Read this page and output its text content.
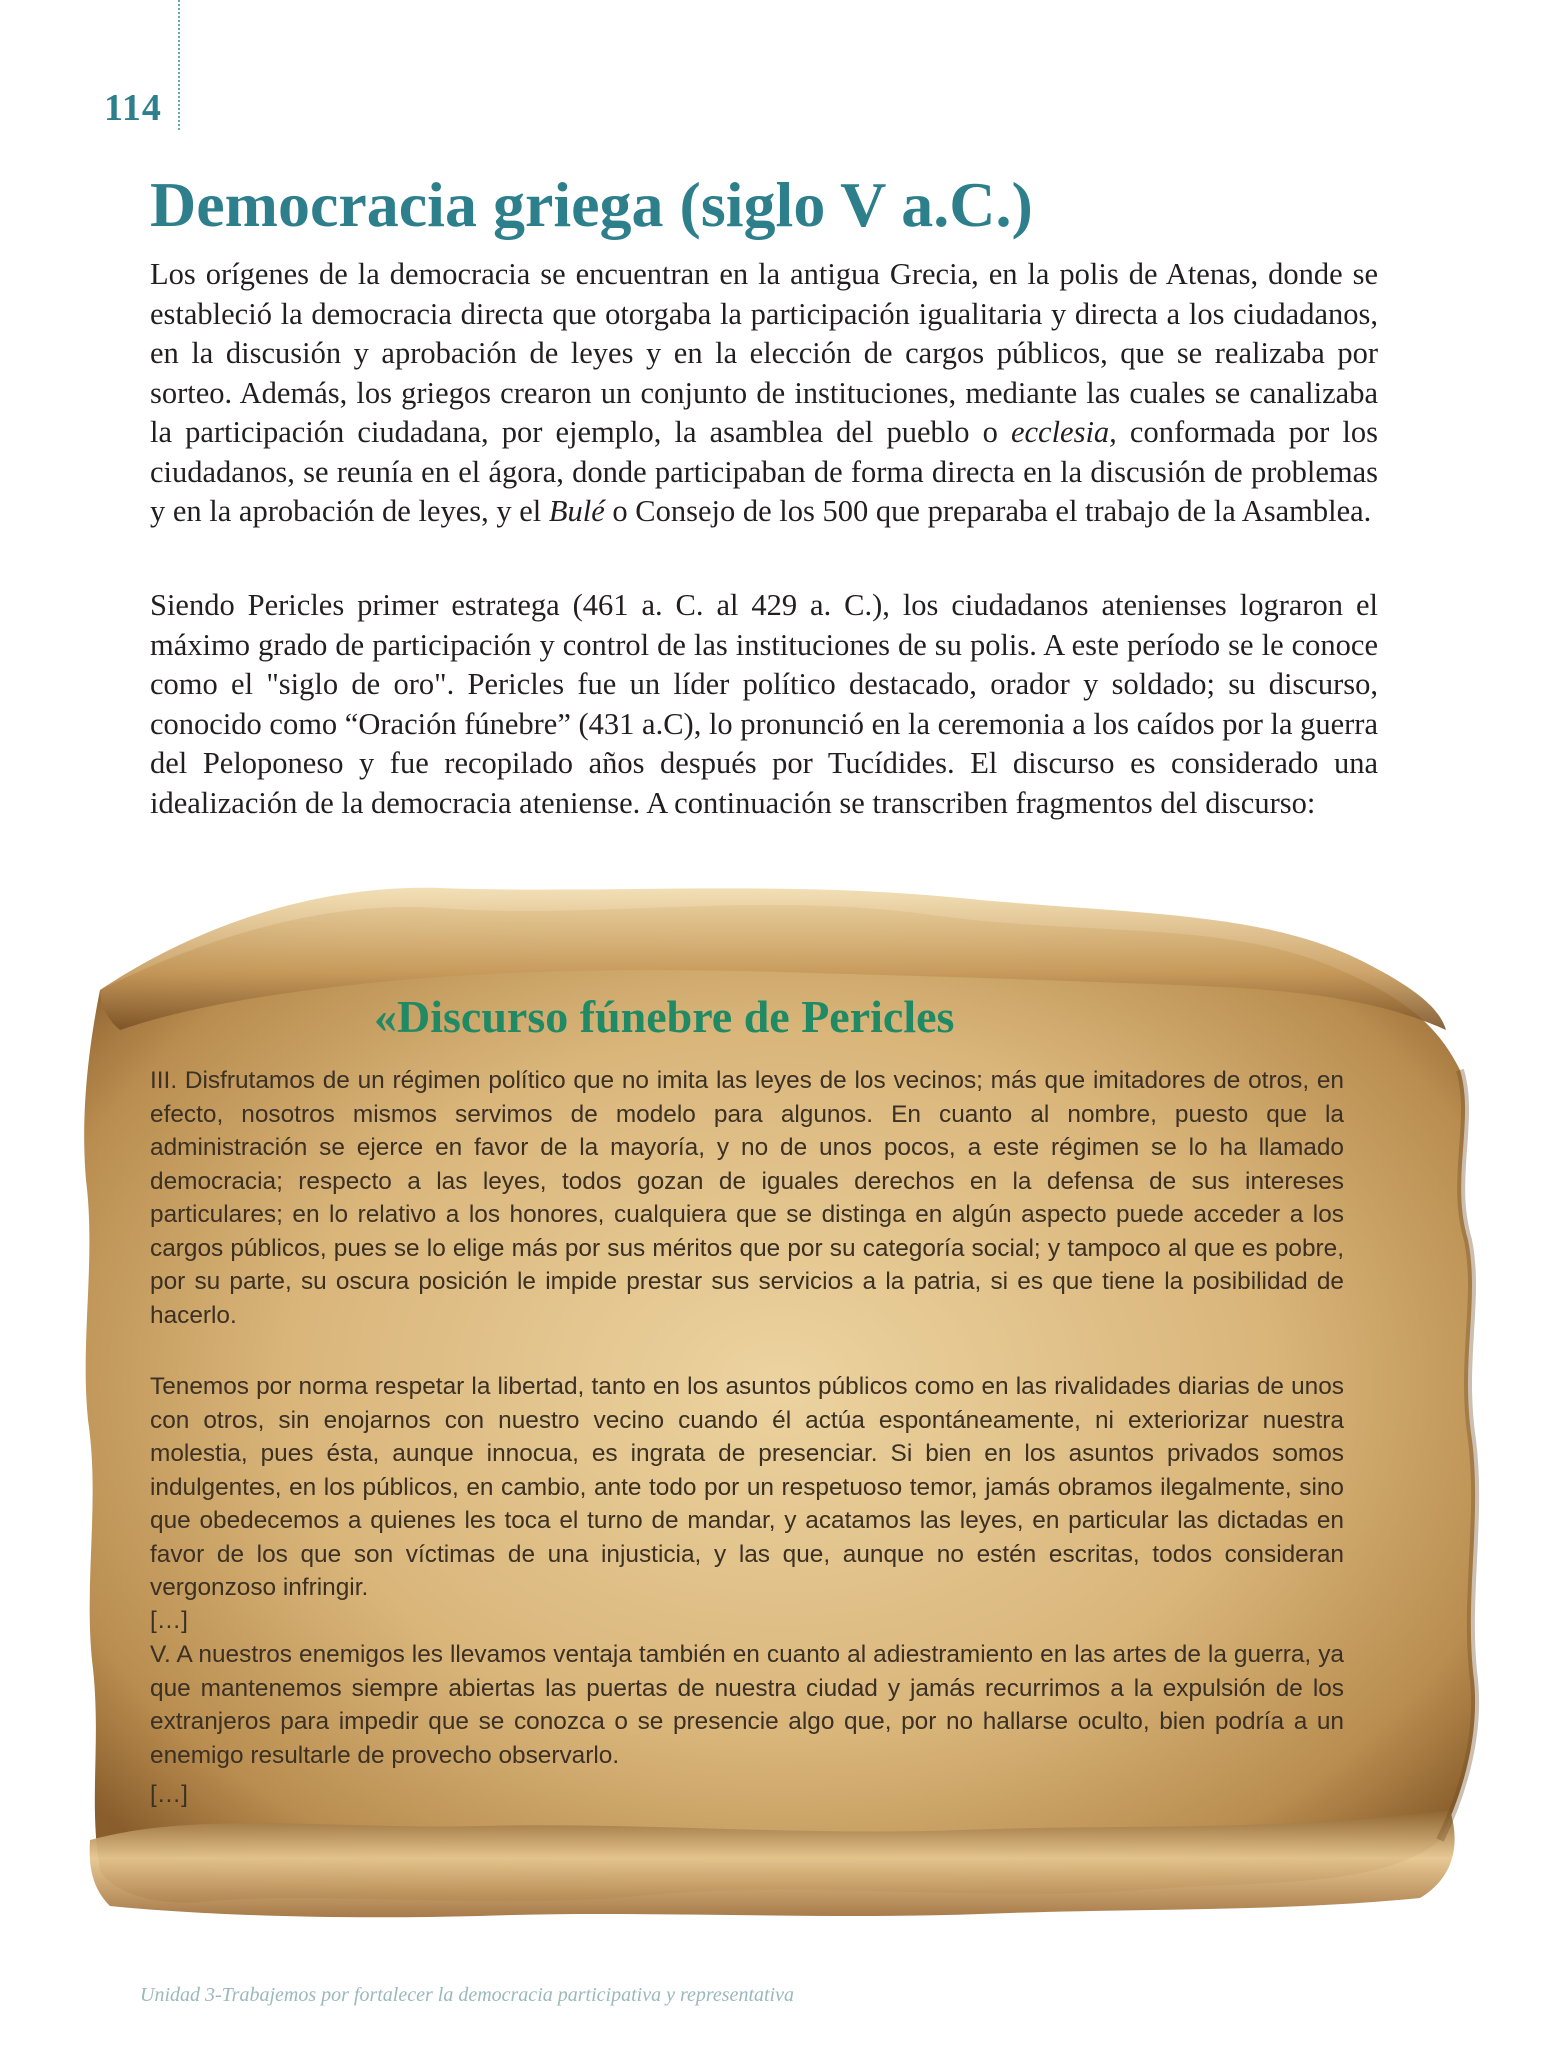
114
Democracia griega (siglo V a.C.)

Los orígenes de la democracia se encuentran en la antigua Grecia, en la polis de Atenas, donde se estableció la democracia directa que otorgaba la participación igualitaria y directa a los ciudadanos, en la discusión y aprobación de leyes y en la elección de cargos públicos, que se realizaba por sorteo. Además, los griegos crearon un conjunto de instituciones, mediante las cuales se canalizaba la participación ciudadana, por ejemplo, la asamblea del pueblo o ecclesia, conformada por los ciudadanos, se reunía en el ágora, donde participaban de forma directa en la discusión de problemas y en la aprobación de leyes, y el Bulé o Consejo de los 500 que preparaba el trabajo de la Asamblea.

Siendo Pericles primer estratega (461 a. C. al 429 a. C.), los ciudadanos atenienses lograron el máximo grado de participación y control de las instituciones de su polis. A este período se le conoce como el "siglo de oro". Pericles fue un líder político destacado, orador y soldado; su discurso, conocido como “Oración fúnebre” (431 a.C), lo pronunció en la ceremonia a los caídos por la guerra del Peloponeso y fue recopilado años después por Tucídides. El discurso es considerado una idealización de la democracia ateniense. A continuación se transcriben fragmentos del discurso:

«Discurso fúnebre de Pericles

III. Disfrutamos de un régimen político que no imita las leyes de los vecinos; más que imitadores de otros, en efecto, nosotros mismos servimos de modelo para algunos. En cuanto al nombre, puesto que la administración se ejerce en favor de la mayoría, y no de unos pocos, a este régimen se lo ha llamado democracia; respecto a las leyes, todos gozan de iguales derechos en la defensa de sus intereses particulares; en lo relativo a los honores, cualquiera que se distinga en algún aspecto puede acceder a los cargos públicos, pues se lo elige más por sus méritos que por su categoría social; y tampoco al que es pobre, por su parte, su oscura posición le impide prestar sus servicios a la patria, si es que tiene la posibilidad de hacerlo.

Tenemos por norma respetar la libertad, tanto en los asuntos públicos como en las rivalidades diarias de unos con otros, sin enojarnos con nuestro vecino cuando él actúa espontáneamente, ni exteriorizar nuestra molestia, pues ésta, aunque innocua, es ingrata de presenciar. Si bien en los asuntos privados somos indulgentes, en los públicos, en cambio, ante todo por un respetuoso temor, jamás obramos ilegalmente, sino que obedecemos a quienes les toca el turno de mandar, y acatamos las leyes, en particular las dictadas en favor de los que son víctimas de una injusticia, y las que, aunque no estén escritas, todos consideran vergonzoso infringir.

[…]

V. A nuestros enemigos les llevamos ventaja también en cuanto al adiestramiento en las artes de la guerra, ya que mantenemos siempre abiertas las puertas de nuestra ciudad y jamás recurrimos a la expulsión de los extranjeros para impedir que se conozca o se presencie algo que, por no hallarse oculto, bien podría a un enemigo resultarle de provecho observarlo.

[…]

Unidad 3-Trabajemos por fortalecer la democracia participativa y representativa
